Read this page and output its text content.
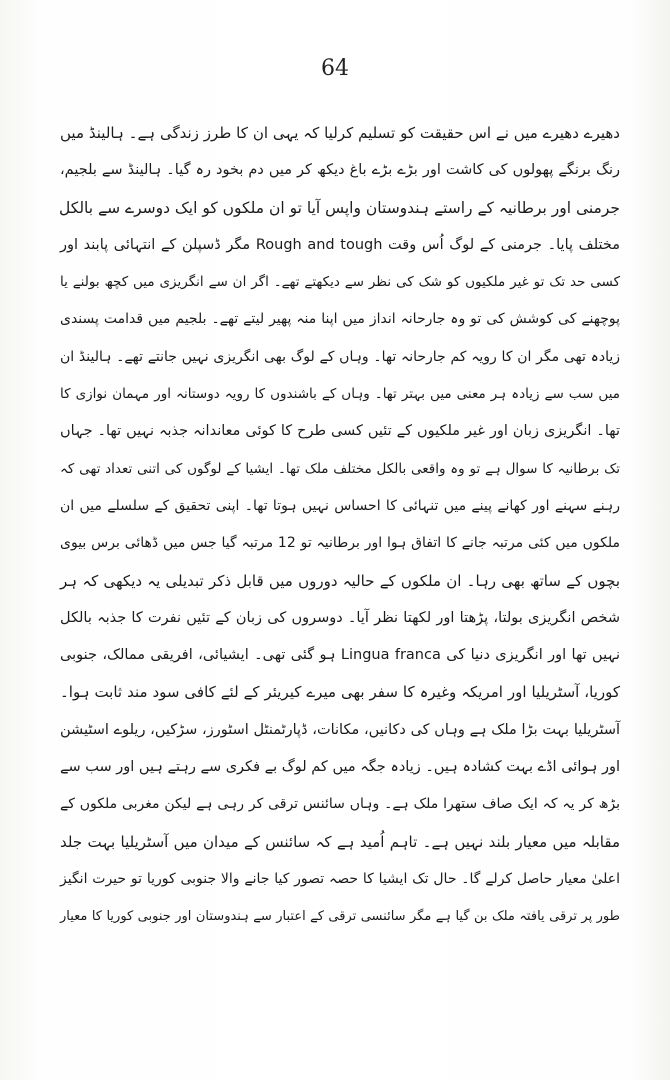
64
دھیرے دھیرے میں نے اس حقیقت کو تسلیم کرلیا کہ یہی ان کا طرز زندگی ہے۔ ہالینڈ میں
رنگ برنگے پھولوں کی کاشت اور بڑے بڑے باغ دیکھ کر میں دم بخود رہ گیا۔ ہالینڈ سے بلجیم،
جرمنی اور برطانیہ کے راستے ہندوستان واپس آیا تو ان ملکوں کو ایک دوسرے سے بالکل
مختلف پایا۔ جرمنی کے لوگ اُس وقت Rough and tough مگر ڈسپلن کے انتہائی پابند اور
کسی حد تک تو غیر ملکیوں کو شک کی نظر سے دیکھتے تھے۔ اگر ان سے انگریزی میں کچھ بولنے یا
پوچھنے کی کوشش کی تو وہ جارحانہ انداز میں اپنا منہ پھیر لیتے تھے۔ بلجیم میں قدامت پسندی
زیادہ تھی مگر ان کا رویہ کم جارحانہ تھا۔ وہاں کے لوگ بھی انگریزی نہیں جانتے تھے۔ ہالینڈ ان
میں سب سے زیادہ ہر معنی میں بہتر تھا۔ وہاں کے باشندوں کا رویہ دوستانہ اور مہمان نوازی کا
تھا۔ انگریزی زبان اور غیر ملکیوں کے تئیں کسی طرح کا کوئی معاندانہ جذبہ نہیں تھا۔ جہاں
تک برطانیہ کا سوال ہے تو وہ واقعی بالکل مختلف ملک تھا۔ ایشیا کے لوگوں کی اتنی تعداد تھی کہ
رہنے سہنے اور کھانے پینے میں تنہائی کا احساس نہیں ہوتا تھا۔ اپنی تحقیق کے سلسلے میں ان
ملکوں میں کئی مرتبہ جانے کا اتفاق ہوا اور برطانیہ تو 12 مرتبہ گیا جس میں ڈھائی برس بیوی
بچوں کے ساتھ بھی رہا۔ ان ملکوں کے حالیہ دوروں میں قابل ذکر تبدیلی یہ دیکھی کہ ہر
شخص انگریزی بولتا، پڑھتا اور لکھتا نظر آیا۔ دوسروں کی زبان کے تئیں نفرت کا جذبہ بالکل
نہیں تھا اور انگریزی دنیا کی Lingua franca ہو گئی تھی۔ ایشیائی، افریقی ممالک، جنوبی
کوریا، آسٹریلیا اور امریکہ وغیرہ کا سفر بھی میرے کیریئر کے لئے کافی سود مند ثابت ہوا۔
آسٹریلیا بہت بڑا ملک ہے وہاں کی دکانیں، مکانات، ڈپارٹمنٹل اسٹورز، سڑکیں، ریلوے اسٹیشن
اور ہوائی اڈے بہت کشادہ ہیں۔ زیادہ جگہ میں کم لوگ بے فکری سے رہتے ہیں اور سب سے
بڑھ کر یہ کہ ایک صاف ستھرا ملک ہے۔ وہاں سائنس ترقی کر رہی ہے لیکن مغربی ملکوں کے
مقابلہ میں معیار بلند نہیں ہے۔ تاہم اُمید ہے کہ سائنس کے میدان میں آسٹریلیا بہت جلد
اعلیٰ معیار حاصل کرلے گا۔ حال تک ایشیا کا حصہ تصور کیا جانے والا جنوبی کوریا تو حیرت انگیز
طور پر ترقی یافتہ ملک بن گیا ہے مگر سائنسی ترقی کے اعتبار سے ہندوستان اور جنوبی کوریا کا معیار
